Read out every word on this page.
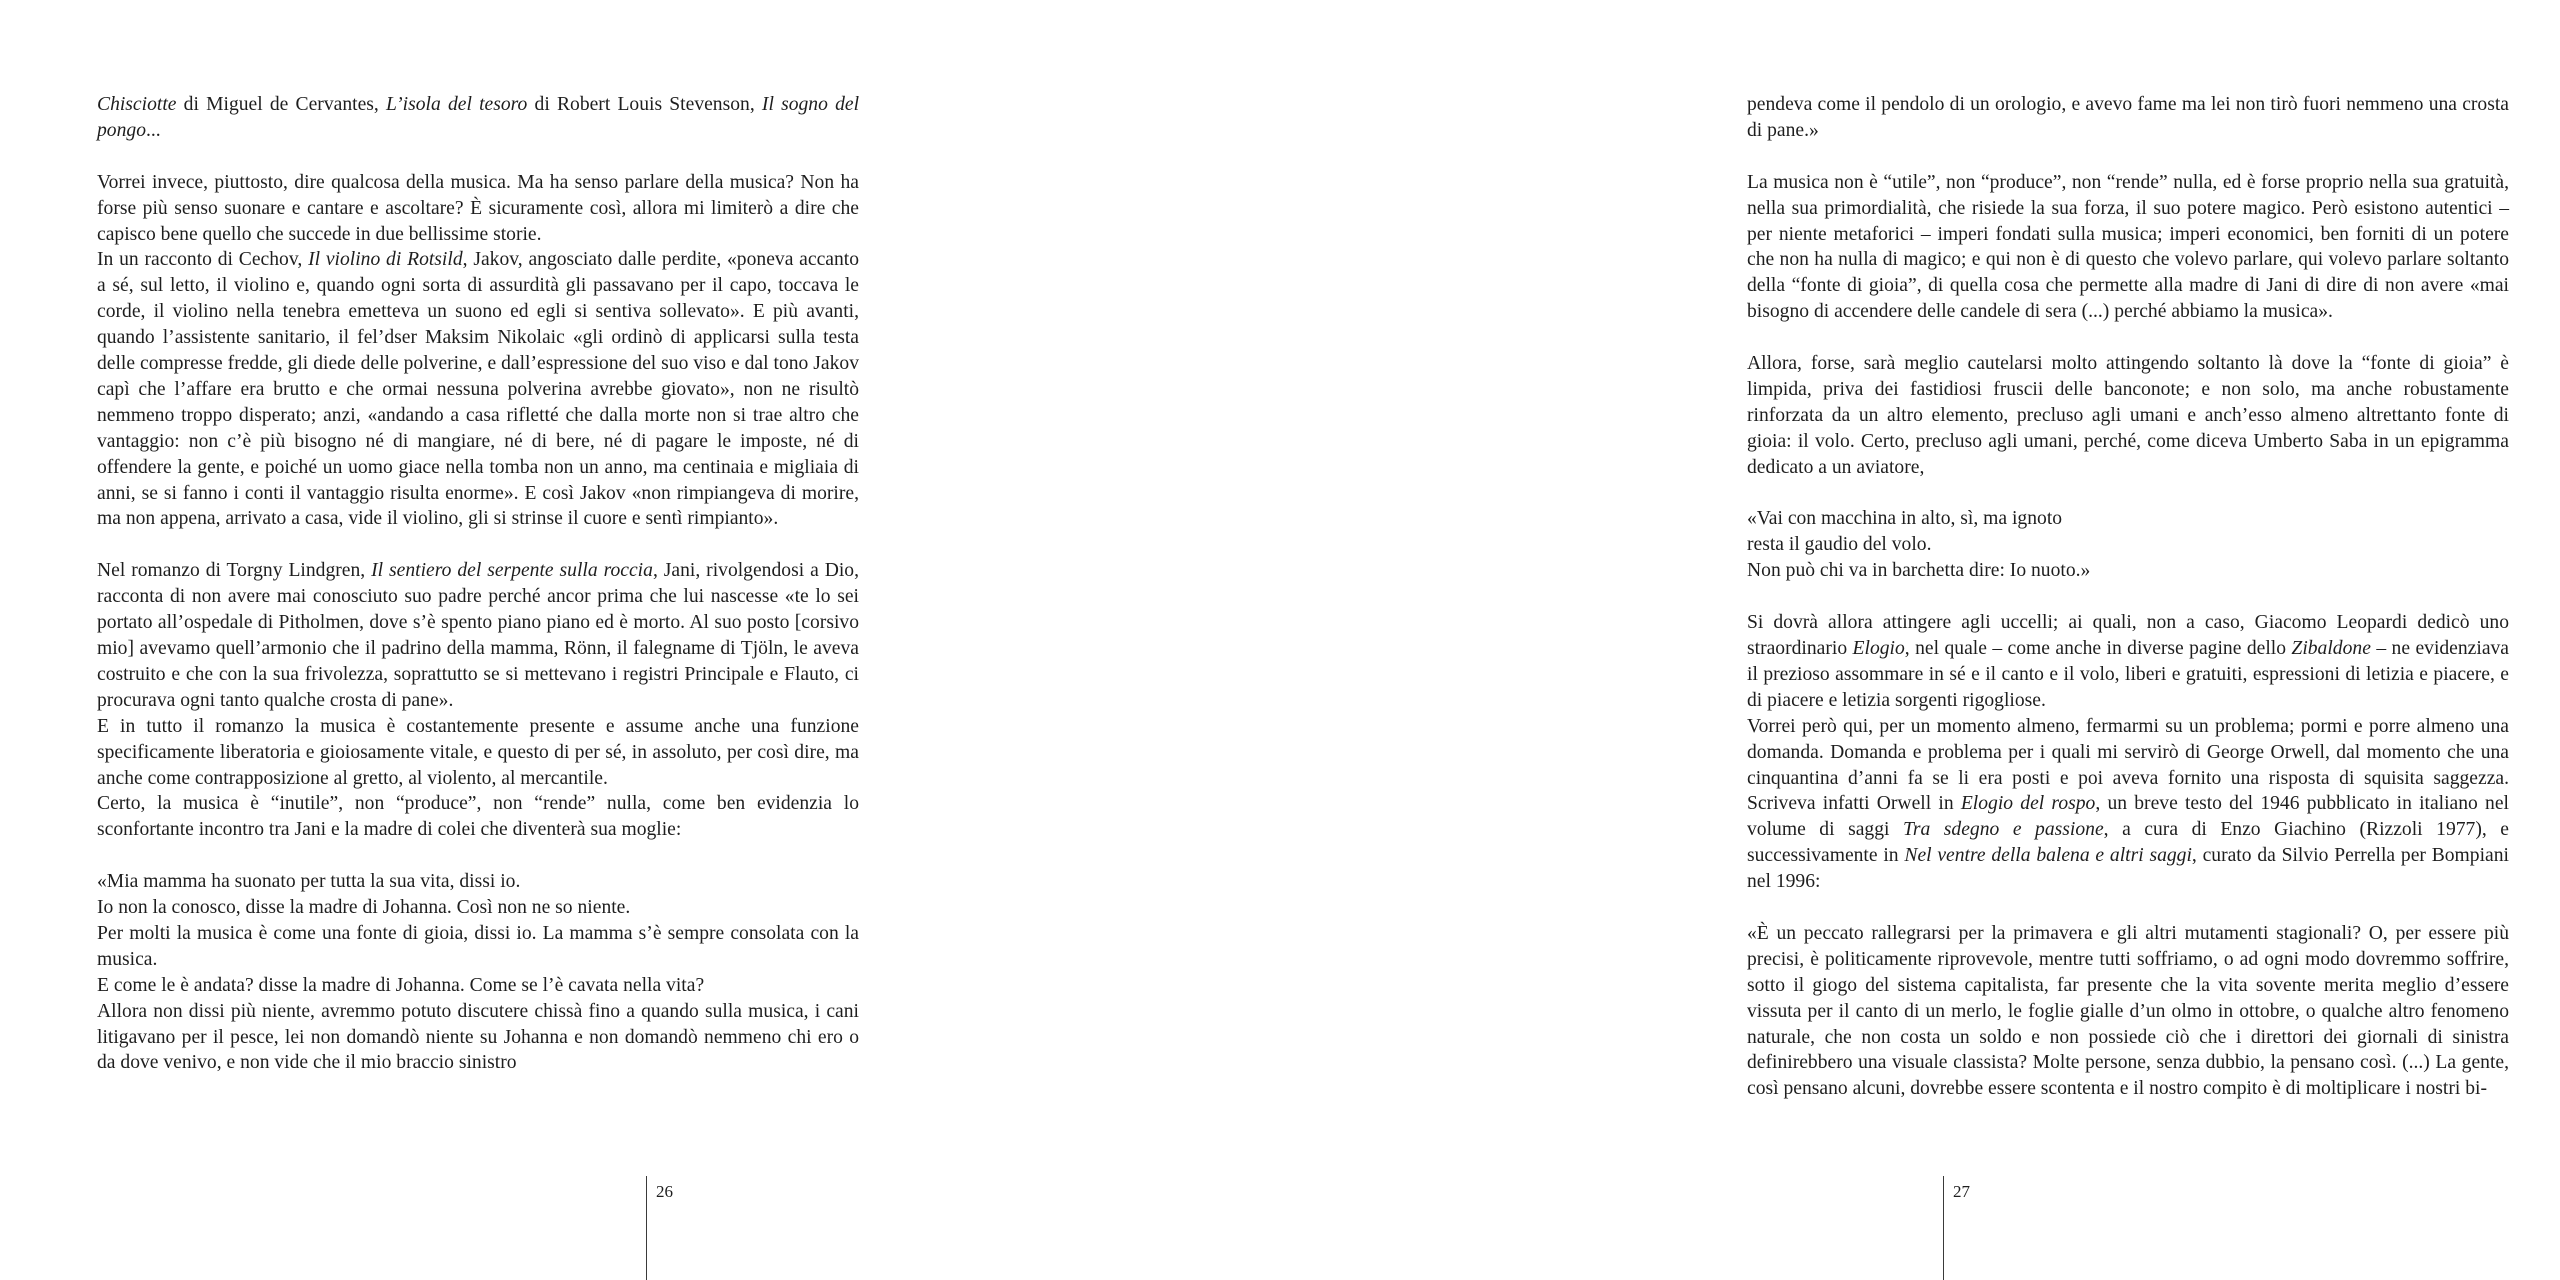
Chisciotte di Miguel de Cervantes, L’isola del tesoro di Robert Louis Stevenson, Il sogno del pongo...

Vorrei invece, piuttosto, dire qualcosa della musica. Ma ha senso parlare della musica? Non ha forse più senso suonare e cantare e ascoltare? È sicuramente così, allora mi limiterò a dire che capisco bene quello che succede in due bellissime storie.

In un racconto di Cechov, Il violino di Rotsild, Jakov, angosciato dalle perdite, «poneva accanto a sé, sul letto, il violino e, quando ogni sorta di assurdità gli passavano per il capo, toccava le corde, il violino nella tenebra emetteva un suono ed egli si sentiva sollevato». E più avanti, quando l’assistente sanitario, il fel’dser Maksim Nikolaic «gli ordinò di applicarsi sulla testa delle compresse fredde, gli diede delle polverine, e dall’espressione del suo viso e dal tono Jakov capì che l’affare era brutto e che ormai nessuna polverina avrebbe giovato», non ne risultò nemmeno troppo disperato; anzi, «andando a casa rifletté che dalla morte non si trae altro che vantaggio: non c’è più bisogno né di mangiare, né di bere, né di pagare le imposte, né di offendere la gente, e poiché un uomo giace nella tomba non un anno, ma centinaia e migliaia di anni, se si fanno i conti il vantaggio risulta enorme». E così Jakov «non rimpiangeva di morire, ma non appena, arrivato a casa, vide il violino, gli si strinse il cuore e sentì rimpianto».

Nel romanzo di Torgny Lindgren, Il sentiero del serpente sulla roccia, Jani, rivolgendosi a Dio, racconta di non avere mai conosciuto suo padre perché ancor prima che lui nascesse «te lo sei portato all’ospedale di Pitholmen, dove s’è spento piano piano ed è morto. Al suo posto [corsivo mio] avevamo quell’armonio che il padrino della mamma, Rönn, il falegname di Tjöln, le aveva costruito e che con la sua frivolezza, soprattutto se si mettevano i registri Principale e Flauto, ci procurava ogni tanto qualche crosta di pane».

E in tutto il romanzo la musica è costantemente presente e assume anche una funzione specificamente liberatoria e gioiosamente vitale, e questo di per sé, in assoluto, per così dire, ma anche come contrapposizione al gretto, al violento, al mercantile.

Certo, la musica è “inutile”, non “produce”, non “rende” nulla, come ben evidenzia lo sconfortante incontro tra Jani e la madre di colei che diventerà sua moglie:

«Mia mamma ha suonato per tutta la sua vita, dissi io.

Io non la conosco, disse la madre di Johanna. Così non ne so niente.

Per molti la musica è come una fonte di gioia, dissi io. La mamma s’è sempre consolata con la musica.

E come le è andata? disse la madre di Johanna. Come se l’è cavata nella vita?

Allora non dissi più niente, avremmo potuto discutere chissà fino a quando sulla musica, i cani litigavano per il pesce, lei non domandò niente su Johanna e non domandò nemmeno chi ero o da dove venivo, e non vide che il mio braccio sinistro

26

pendeva come il pendolo di un orologio, e avevo fame ma lei non tirò fuori nemmeno una crosta di pane.»

La musica non è “utile”, non “produce”, non “rende” nulla, ed è forse proprio nella sua gratuità, nella sua primordialità, che risiede la sua forza, il suo potere magico. Però esistono autentici – per niente metaforici – imperi fondati sulla musica; imperi economici, ben forniti di un potere che non ha nulla di magico; e qui non è di questo che volevo parlare, qui volevo parlare soltanto della “fonte di gioia”, di quella cosa che permette alla madre di Jani di dire di non avere «mai bisogno di accendere delle candele di sera (...) perché abbiamo la musica».

Allora, forse, sarà meglio cautelarsi molto attingendo soltanto là dove la “fonte di gioia” è limpida, priva dei fastidiosi fruscii delle banconote; e non solo, ma anche robustamente rinforzata da un altro elemento, precluso agli umani e anch’esso almeno altrettanto fonte di gioia: il volo. Certo, precluso agli umani, perché, come diceva Umberto Saba in un epigramma dedicato a un aviatore,

«Vai con macchina in alto, sì, ma ignoto

resta il gaudio del volo.

Non può chi va in barchetta dire: Io nuoto.»

Si dovrà allora attingere agli uccelli; ai quali, non a caso, Giacomo Leopardi dedicò uno straordinario Elogio, nel quale – come anche in diverse pagine dello Zibaldone – ne evidenziava il prezioso assommare in sé e il canto e il volo, liberi e gratuiti, espressioni di letizia e piacere, e di piacere e letizia sorgenti rigogliose.

Vorrei però qui, per un momento almeno, fermarmi su un problema; pormi e porre almeno una domanda. Domanda e problema per i quali mi servirò di George Orwell, dal momento che una cinquantina d’anni fa se li era posti e poi aveva fornito una risposta di squisita saggezza. Scriveva infatti Orwell in Elogio del rospo, un breve testo del 1946 pubblicato in italiano nel volume di saggi Tra sdegno e passione, a cura di Enzo Giachino (Rizzoli 1977), e successivamente in Nel ventre della balena e altri saggi, curato da Silvio Perrella per Bompiani nel 1996:

«È un peccato rallegrarsi per la primavera e gli altri mutamenti stagionali? O, per essere più precisi, è politicamente riprovevole, mentre tutti soffriamo, o ad ogni modo dovremmo soffrire, sotto il giogo del sistema capitalista, far presente che la vita sovente merita meglio d’essere vissuta per il canto di un merlo, le foglie gialle d’un olmo in ottobre, o qualche altro fenomeno naturale, che non costa un soldo e non possiede ciò che i direttori dei giornali di sinistra definirebbero una visuale classista? Molte persone, senza dubbio, la pensano così. (...) La gente, così pensano alcuni, dovrebbe essere scontenta e il nostro compito è di moltiplicare i nostri bi-

27
